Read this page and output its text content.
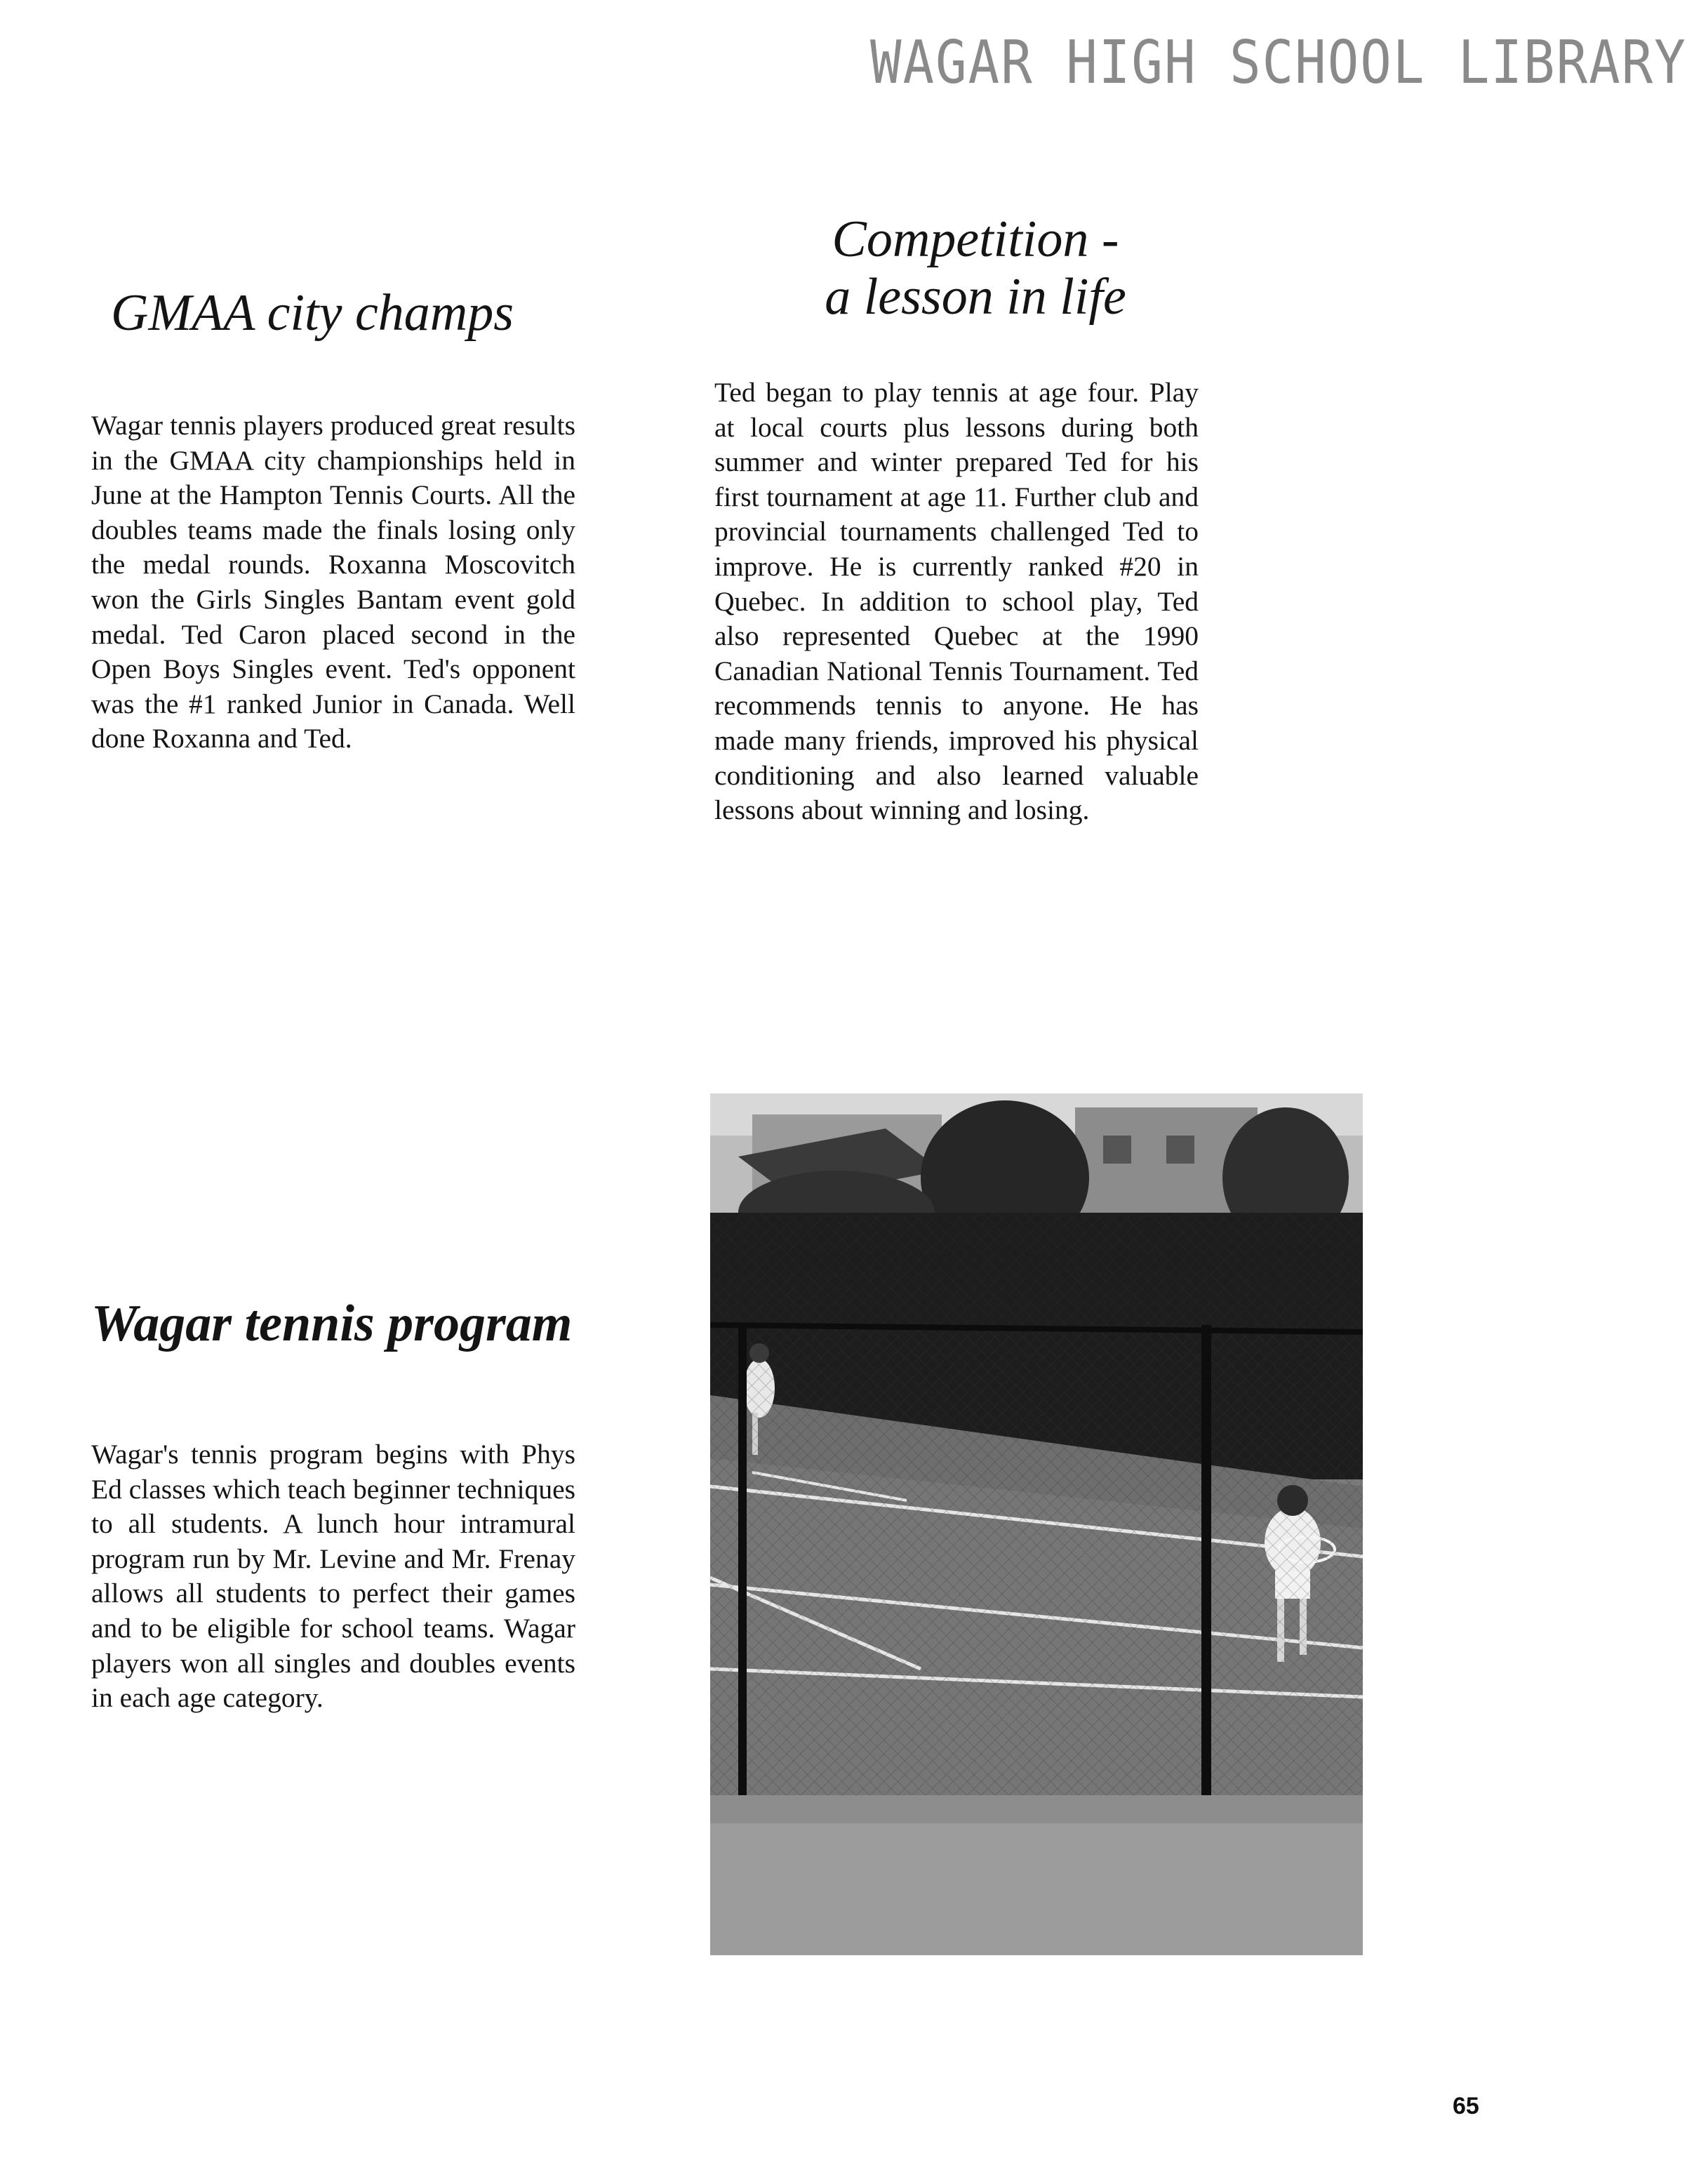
WAGAR HIGH SCHOOL LIBRARY
GMAA city champs
Wagar tennis players produced great results in the GMAA city championships held in June at the Hampton Tennis Courts. All the doubles teams made the finals losing only the medal rounds. Roxanna Moscovitch won the Girls Singles Bantam event gold medal. Ted Caron placed second in the Open Boys Singles event. Ted's opponent was the #1 ranked Junior in Canada. Well done Roxanna and Ted.
Competition -
a lesson in life
Ted began to play tennis at age four. Play at local courts plus lessons during both summer and winter prepared Ted for his first tournament at age 11. Further club and provincial tournaments challenged Ted to improve. He is currently ranked #20 in Quebec. In addition to school play, Ted also represented Quebec at the 1990 Canadian National Tennis Tournament. Ted recommends tennis to anyone. He has made many friends, improved his physical conditioning and also learned valuable lessons about winning and losing.
Wagar tennis program
Wagar's tennis program begins with Phys Ed classes which teach beginner techniques to all students. A lunch hour intramural program run by Mr. Levine and Mr. Frenay allows all students to perfect their games and to be eligible for school teams. Wagar players won all singles and doubles events in each age category.
65
